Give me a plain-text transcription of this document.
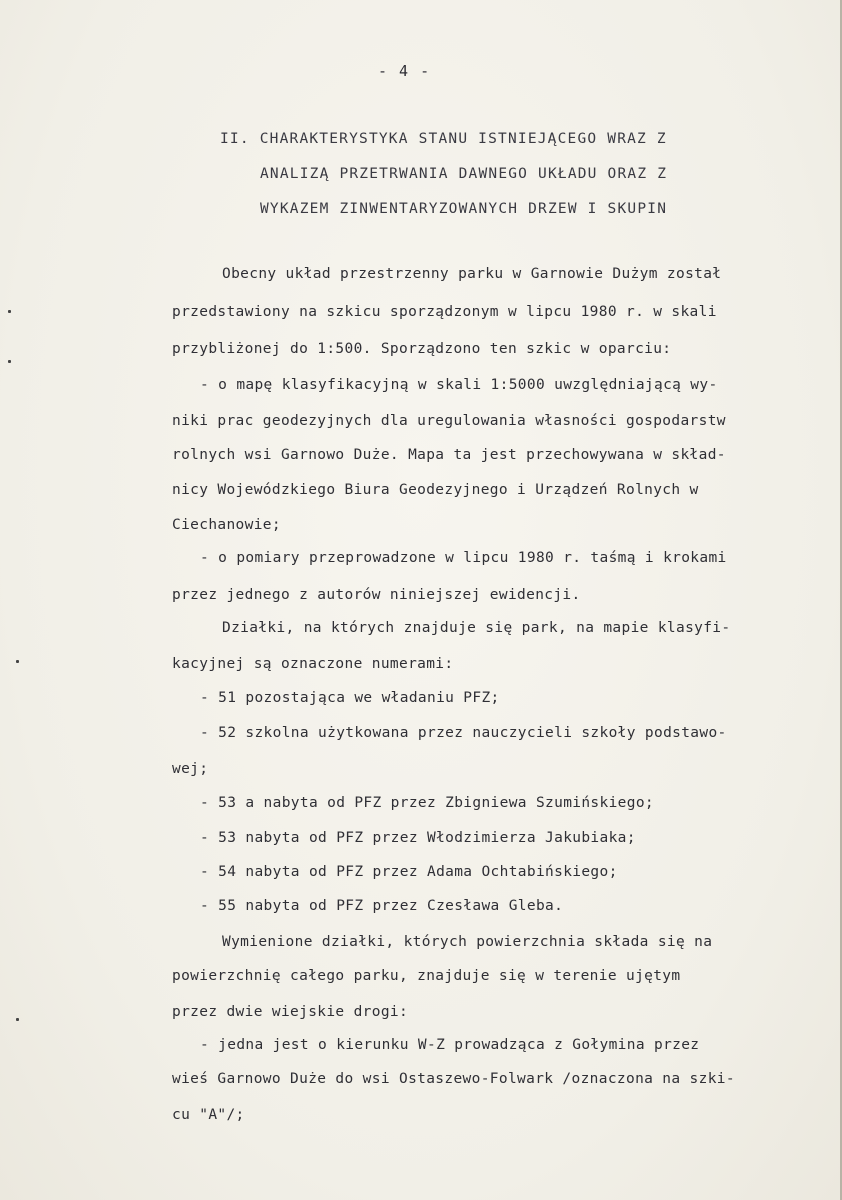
- 4 -

II. CHARAKTERYSTYKA STANU ISTNIEJĄCEGO WRAZ Z

ANALIZĄ PRZETRWANIA DAWNEGO UKŁADU ORAZ Z

WYKAZEM ZINWENTARYZOWANYCH DRZEW I SKUPIN

Obecny układ przestrzenny parku w Garnowie Dużym został

przedstawiony na szkicu sporządzonym w lipcu 1980 r. w skali

przybliżonej do 1:500. Sporządzono ten szkic w oparciu:

- o mapę klasyfikacyjną w skali 1:5000 uwzględniającą wy-

niki prac geodezyjnych dla uregulowania własności gospodarstw

rolnych wsi Garnowo Duże. Mapa ta jest przechowywana w skład-

nicy Wojewódzkiego Biura Geodezyjnego i Urządzeń Rolnych w

Ciechanowie;

- o pomiary przeprowadzone w lipcu 1980 r. taśmą i krokami

przez jednego z autorów niniejszej ewidencji.

Działki, na których znajduje się park, na mapie klasyfi-

kacyjnej są oznaczone numerami:

- 51 pozostająca we władaniu PFZ;

- 52 szkolna użytkowana przez nauczycieli szkoły podstawo-

wej;

- 53 a nabyta od PFZ przez Zbigniewa Szumińskiego;

- 53 nabyta od PFZ przez Włodzimierza Jakubiaka;

- 54 nabyta od PFZ przez Adama Ochtabińskiego;

- 55 nabyta od PFZ przez Czesława Gleba.

Wymienione działki, których powierzchnia składa się na

powierzchnię całego parku, znajduje się w terenie ujętym

przez dwie wiejskie drogi:

- jedna jest o kierunku W-Z prowadząca z Gołymina przez

wieś Garnowo Duże do wsi Ostaszewo-Folwark /oznaczona na szki-

cu "A"/;
